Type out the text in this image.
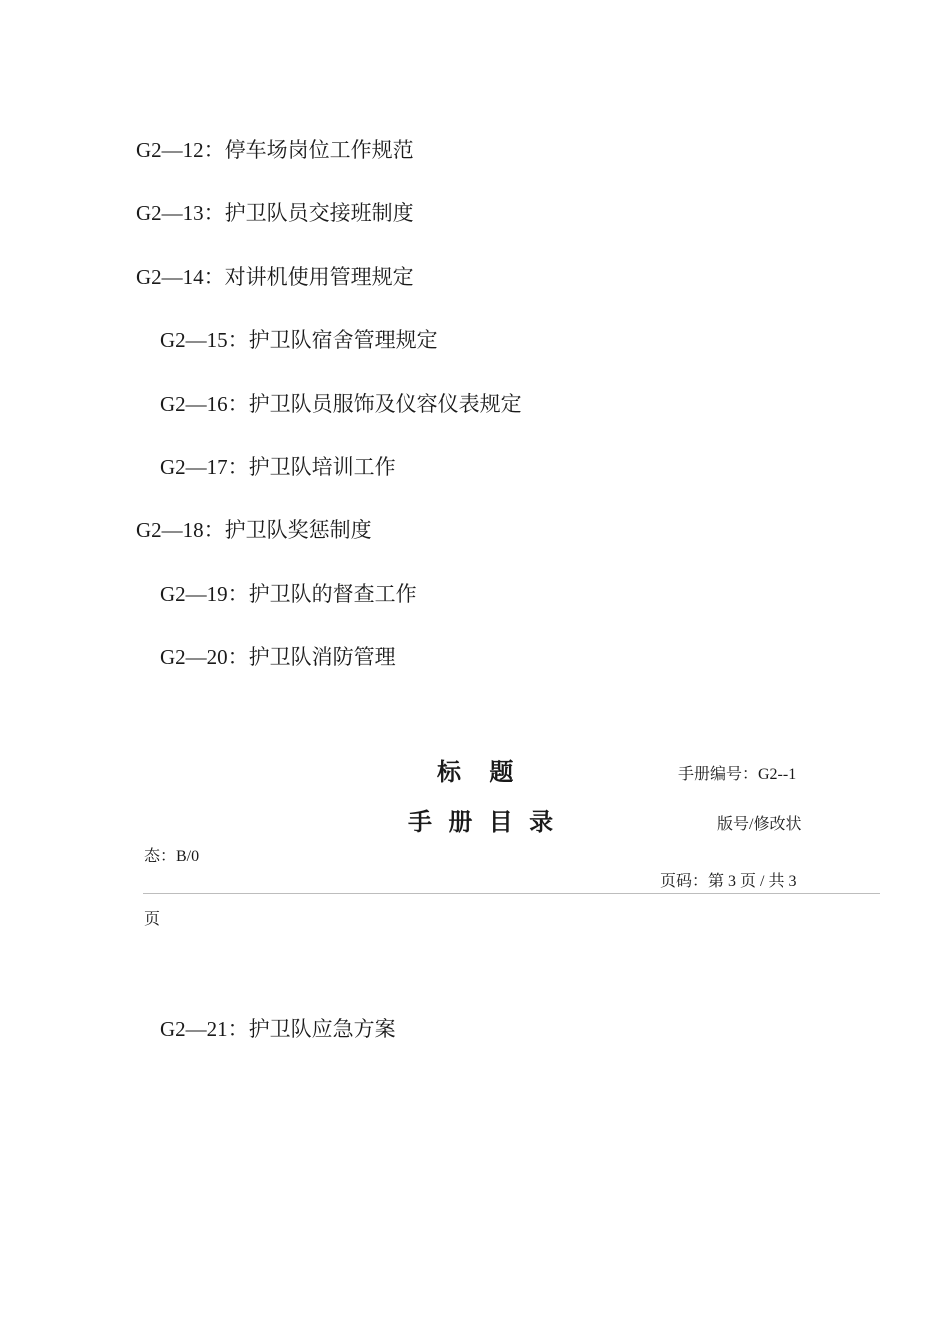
G2—12：停车场岗位工作规范

G2—13：护卫队员交接班制度

G2—14：对讲机使用管理规定

G2—15：护卫队宿舍管理规定

G2—16：护卫队员服饰及仪容仪表规定

G2—17：护卫队培训工作

G2—18：护卫队奖惩制度

G2—19：护卫队的督查工作

G2—20：护卫队消防管理

标 题	手册编号：G2--1
手 册 目 录	版号/修改状
态：B/0
页码：第 3 页 / 共 3
页

G2—21：护卫队应急方案
